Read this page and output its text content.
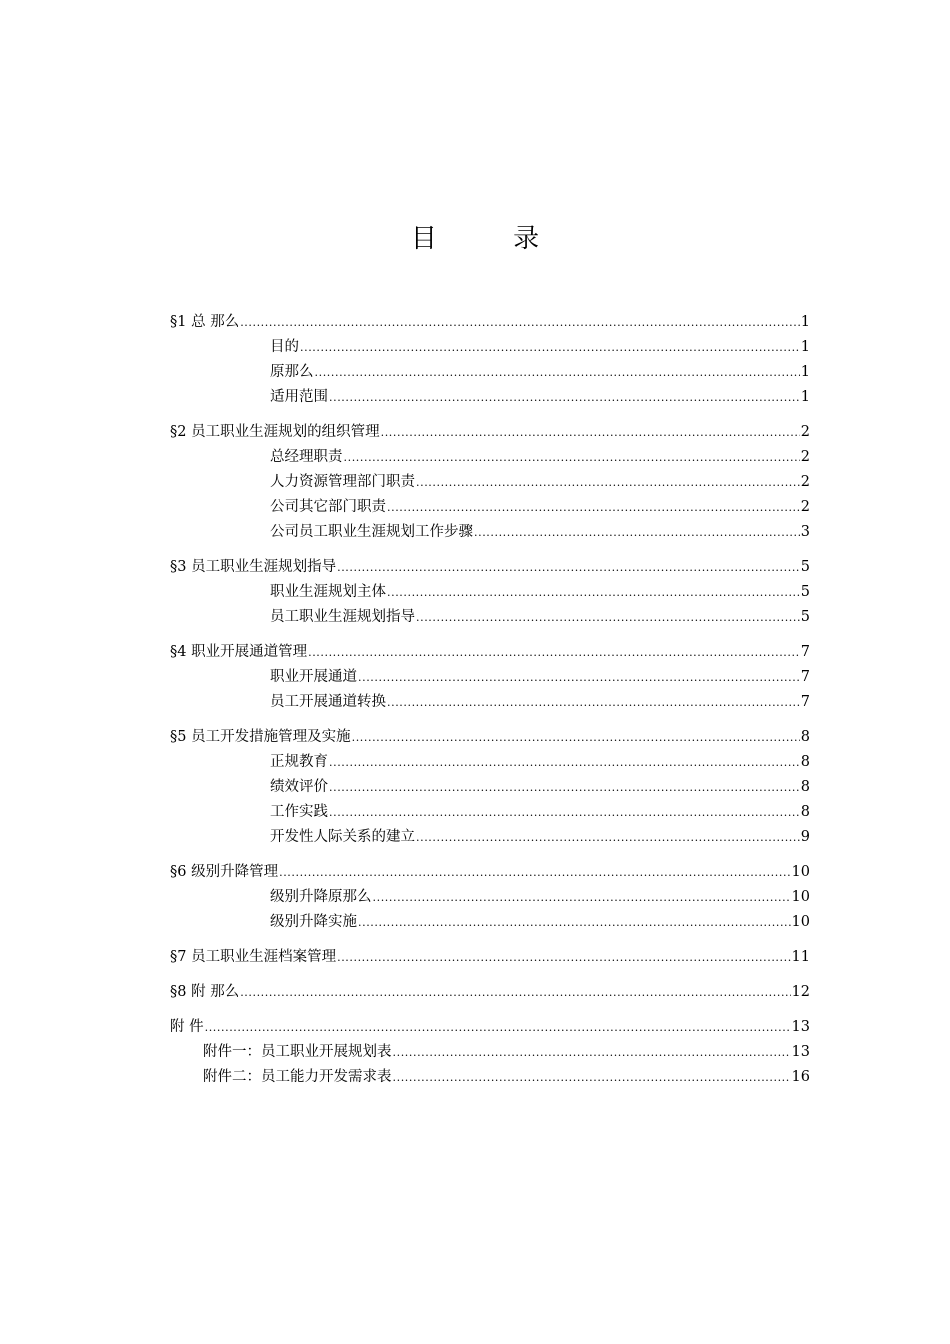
目 录
§1 总 那么 .....	1
目的 .....	1
原那么 .....	1
适用范围 .....	1
§2 员工职业生涯规划的组织管理 .....	2
总经理职责 .....	2
人力资源管理部门职责 .....	2
公司其它部门职责 .....	2
公司员工职业生涯规划工作步骤 .....	3
§3 员工职业生涯规划指导 .....	5
职业生涯规划主体 .....	5
员工职业生涯规划指导 .....	5
§4 职业开展通道管理 .....	7
职业开展通道 .....	7
员工开展通道转换 .....	7
§5 员工开发措施管理及实施 .....	8
正规教育 .....	8
绩效评价 .....	8
工作实践 .....	8
开发性人际关系的建立 .....	9
§6 级别升降管理 .....	10
级别升降原那么 .....	10
级别升降实施 .....	10
§7 员工职业生涯档案管理 .....	11
§8 附 那么 .....	12
附 件 .....	13
附件一：员工职业开展规划表 .....	13
附件二：员工能力开发需求表 .....	16
